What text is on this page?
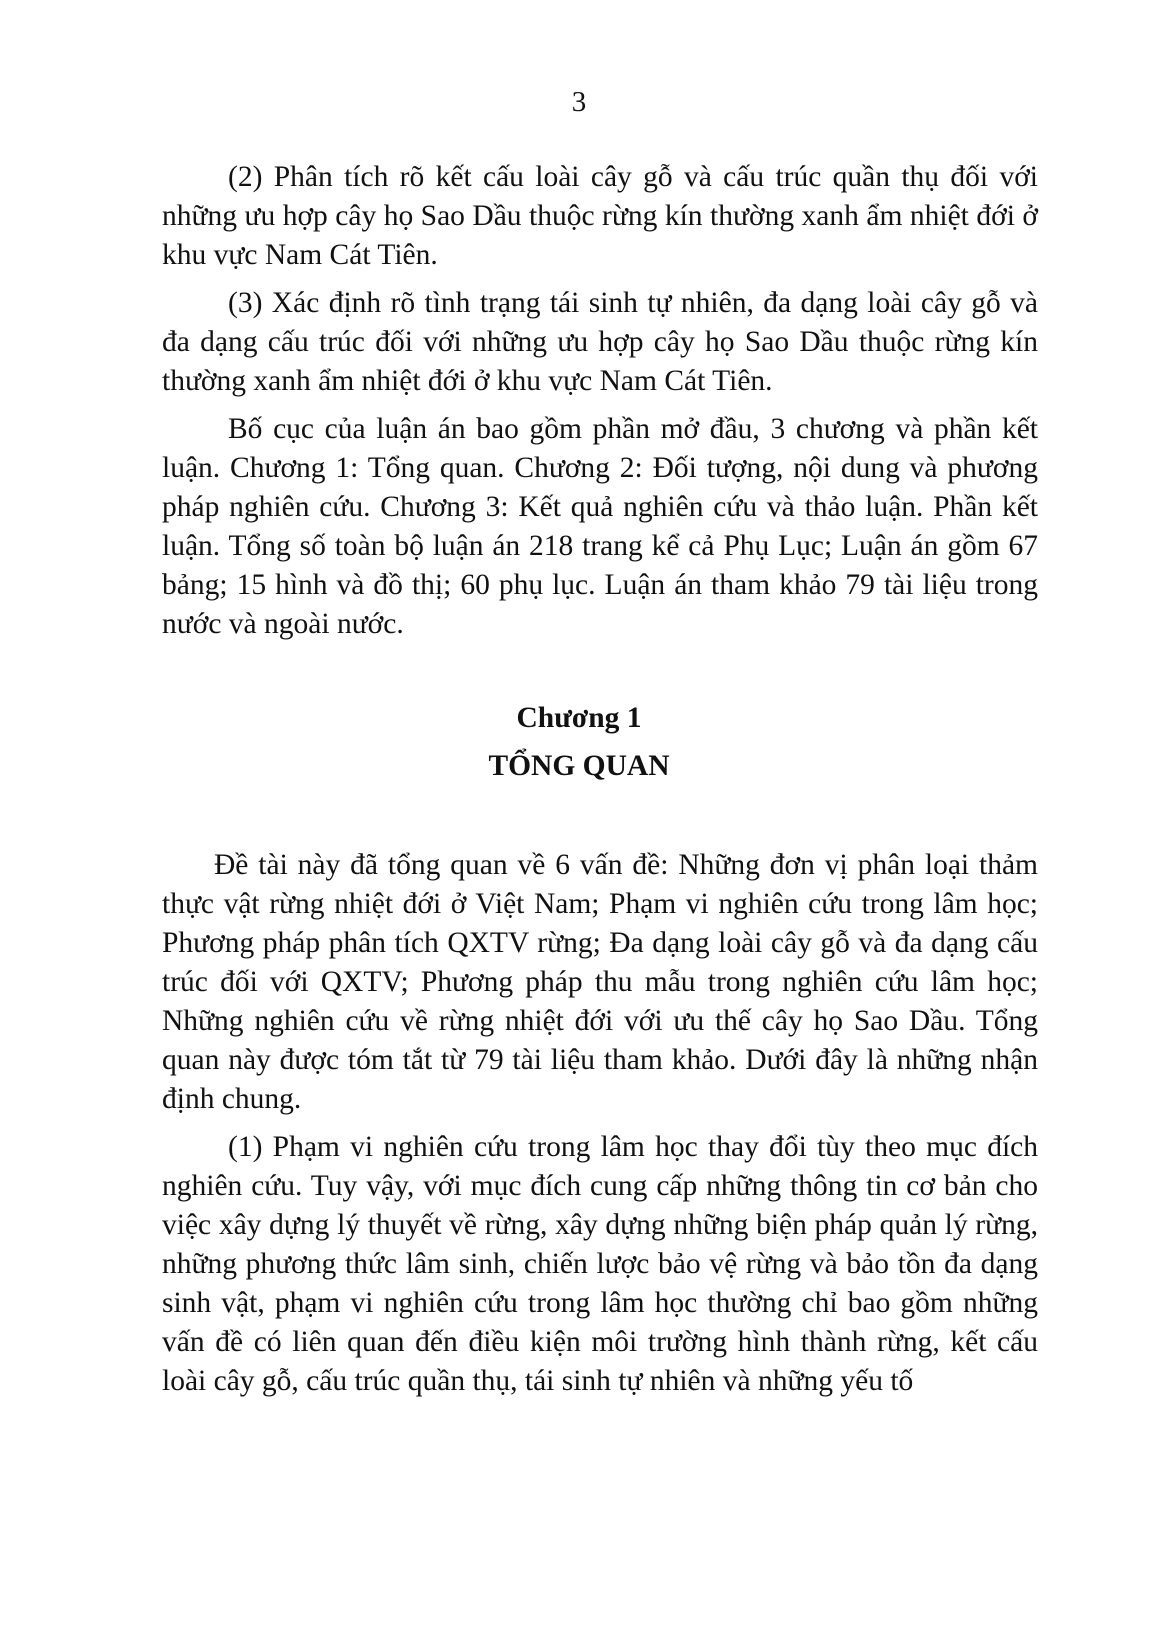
3

(2) Phân tích rõ kết cấu loài cây gỗ và cấu trúc quần thụ đối với những ưu hợp cây họ Sao Dầu thuộc rừng kín thường xanh ẩm nhiệt đới ở khu vực Nam Cát Tiên.

(3) Xác định rõ tình trạng tái sinh tự nhiên, đa dạng loài cây gỗ và đa dạng cấu trúc đối với những ưu hợp cây họ Sao Dầu thuộc rừng kín thường xanh ẩm nhiệt đới ở khu vực Nam Cát Tiên.

Bố cục của luận án bao gồm phần mở đầu, 3 chương và phần kết luận. Chương 1: Tổng quan. Chương 2: Đối tượng, nội dung và phương pháp nghiên cứu. Chương 3: Kết quả nghiên cứu và thảo luận. Phần kết luận. Tổng số toàn bộ luận án 218 trang kể cả Phụ Lục; Luận án gồm 67 bảng; 15 hình và đồ thị; 60 phụ lục. Luận án tham khảo 79 tài liệu trong nước và ngoài nước.

Chương 1
TỔNG QUAN

Đề tài này đã tổng quan về 6 vấn đề: Những đơn vị phân loại thảm thực vật rừng nhiệt đới ở Việt Nam; Phạm vi nghiên cứu trong lâm học; Phương pháp phân tích QXTV rừng; Đa dạng loài cây gỗ và đa dạng cấu trúc đối với QXTV; Phương pháp thu mẫu trong nghiên cứu lâm học; Những nghiên cứu về rừng nhiệt đới với ưu thế cây họ Sao Dầu. Tổng quan này được tóm tắt từ 79 tài liệu tham khảo. Dưới đây là những nhận định chung.

(1) Phạm vi nghiên cứu trong lâm học thay đổi tùy theo mục đích nghiên cứu. Tuy vậy, với mục đích cung cấp những thông tin cơ bản cho việc xây dựng lý thuyết về rừng, xây dựng những biện pháp quản lý rừng, những phương thức lâm sinh, chiến lược bảo vệ rừng và bảo tồn đa dạng sinh vật, phạm vi nghiên cứu trong lâm học thường chỉ bao gồm những vấn đề có liên quan đến điều kiện môi trường hình thành rừng, kết cấu loài cây gỗ, cấu trúc quần thụ, tái sinh tự nhiên và những yếu tố
